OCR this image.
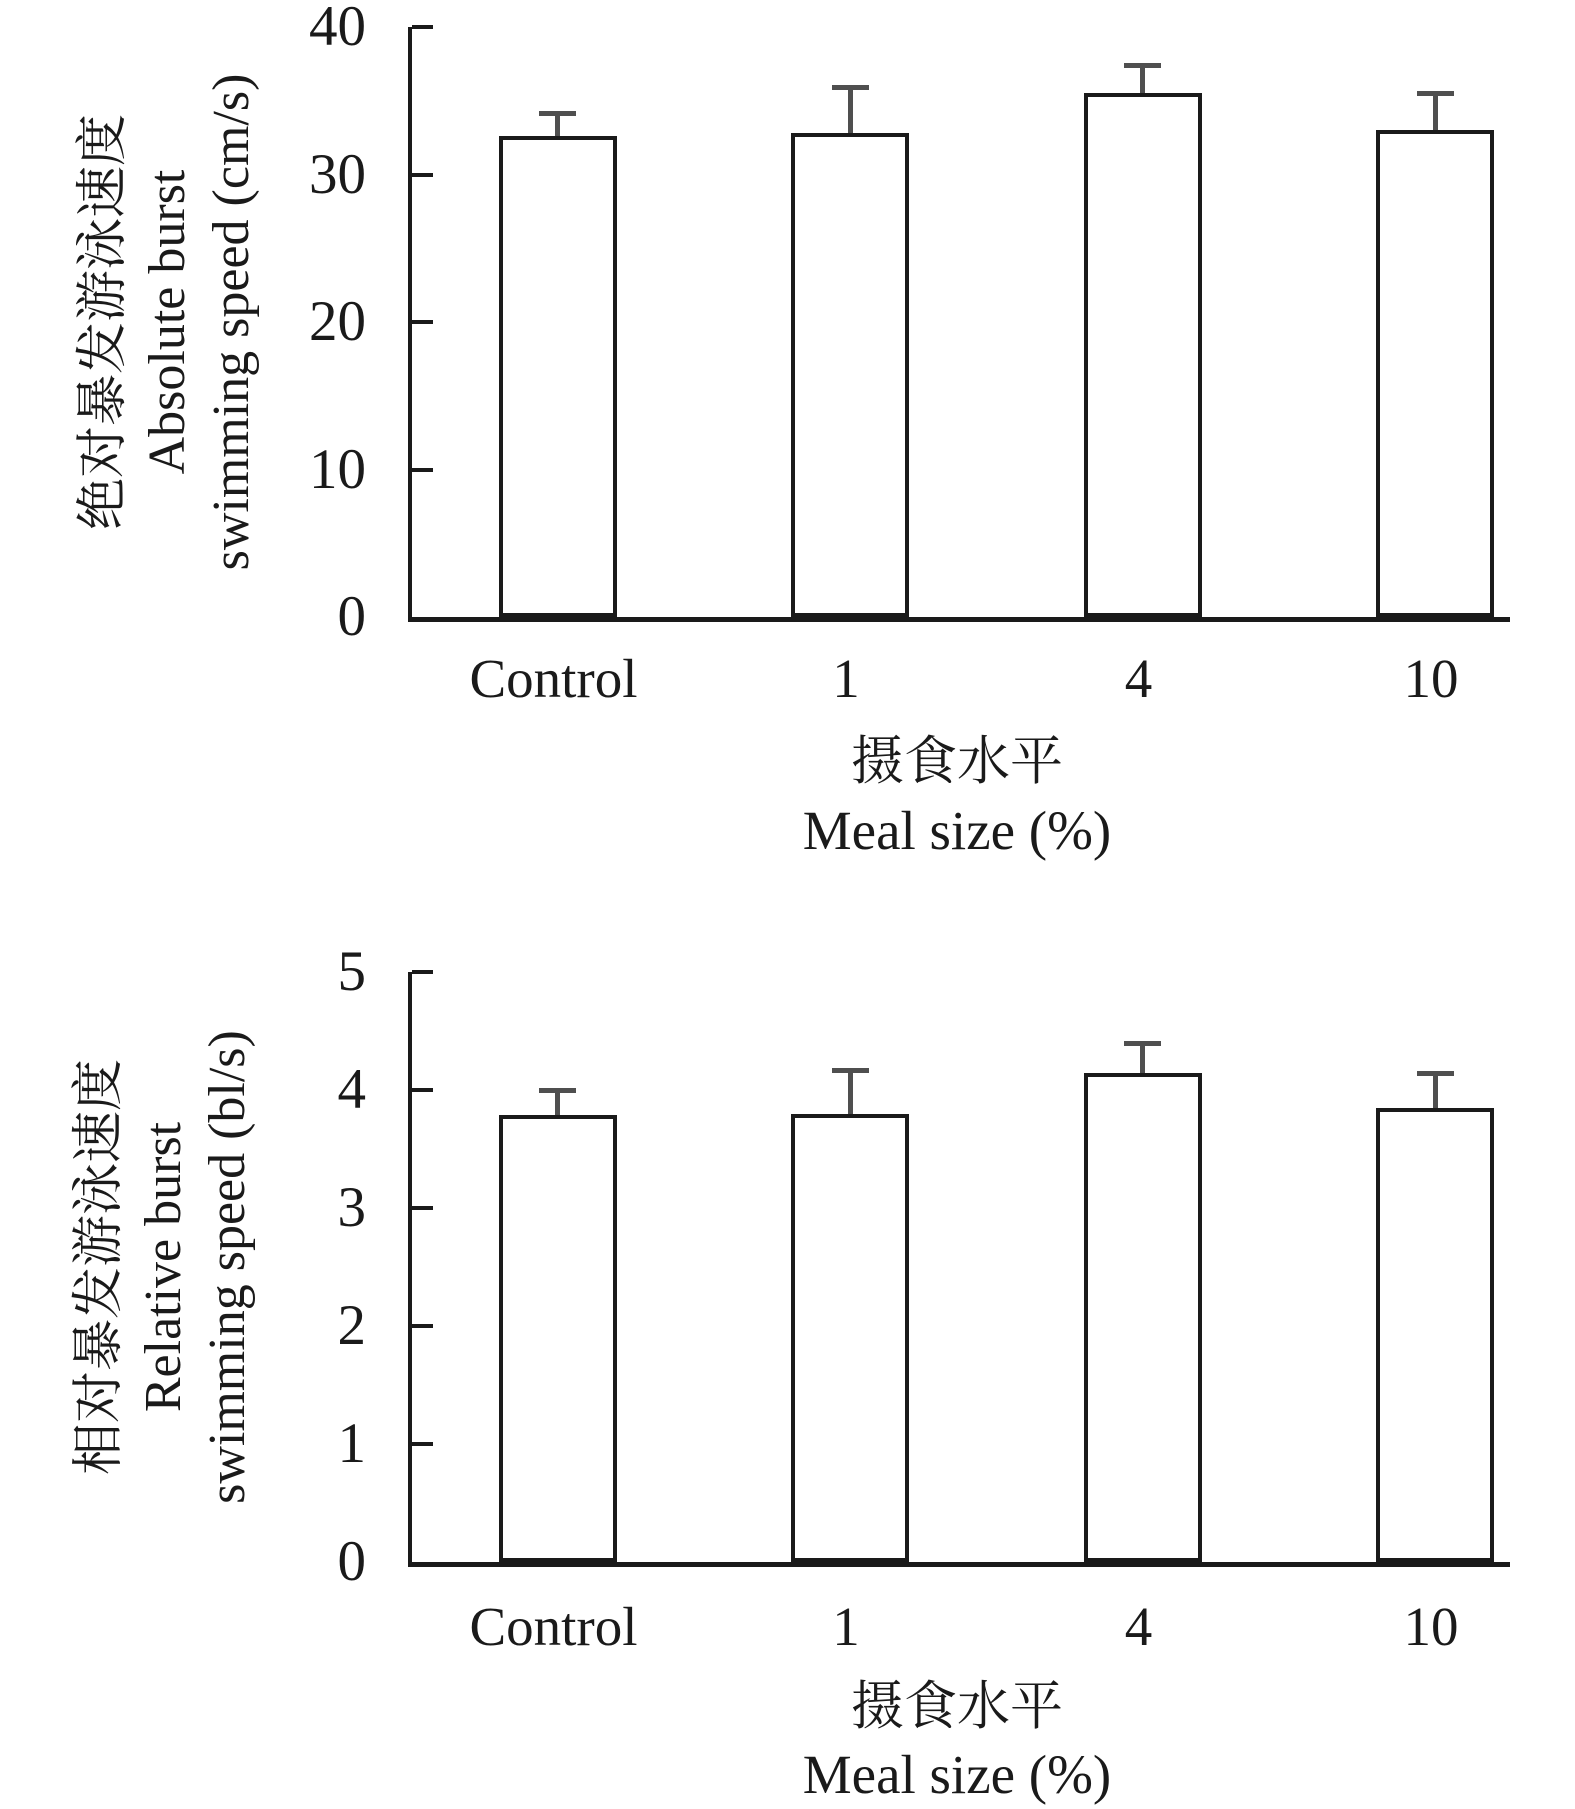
绝对暴发游泳速度 Absolute burst swimming speed (cm/s)
摄食水平
Meal size (%)
相对暴发游泳速度 Relative burst swimming speed (bl/s)
摄食水平
Meal size (%)
0
10
20
30
40
Control	1	4	10
0
1
2
3
4
5
Control	1	4	10
